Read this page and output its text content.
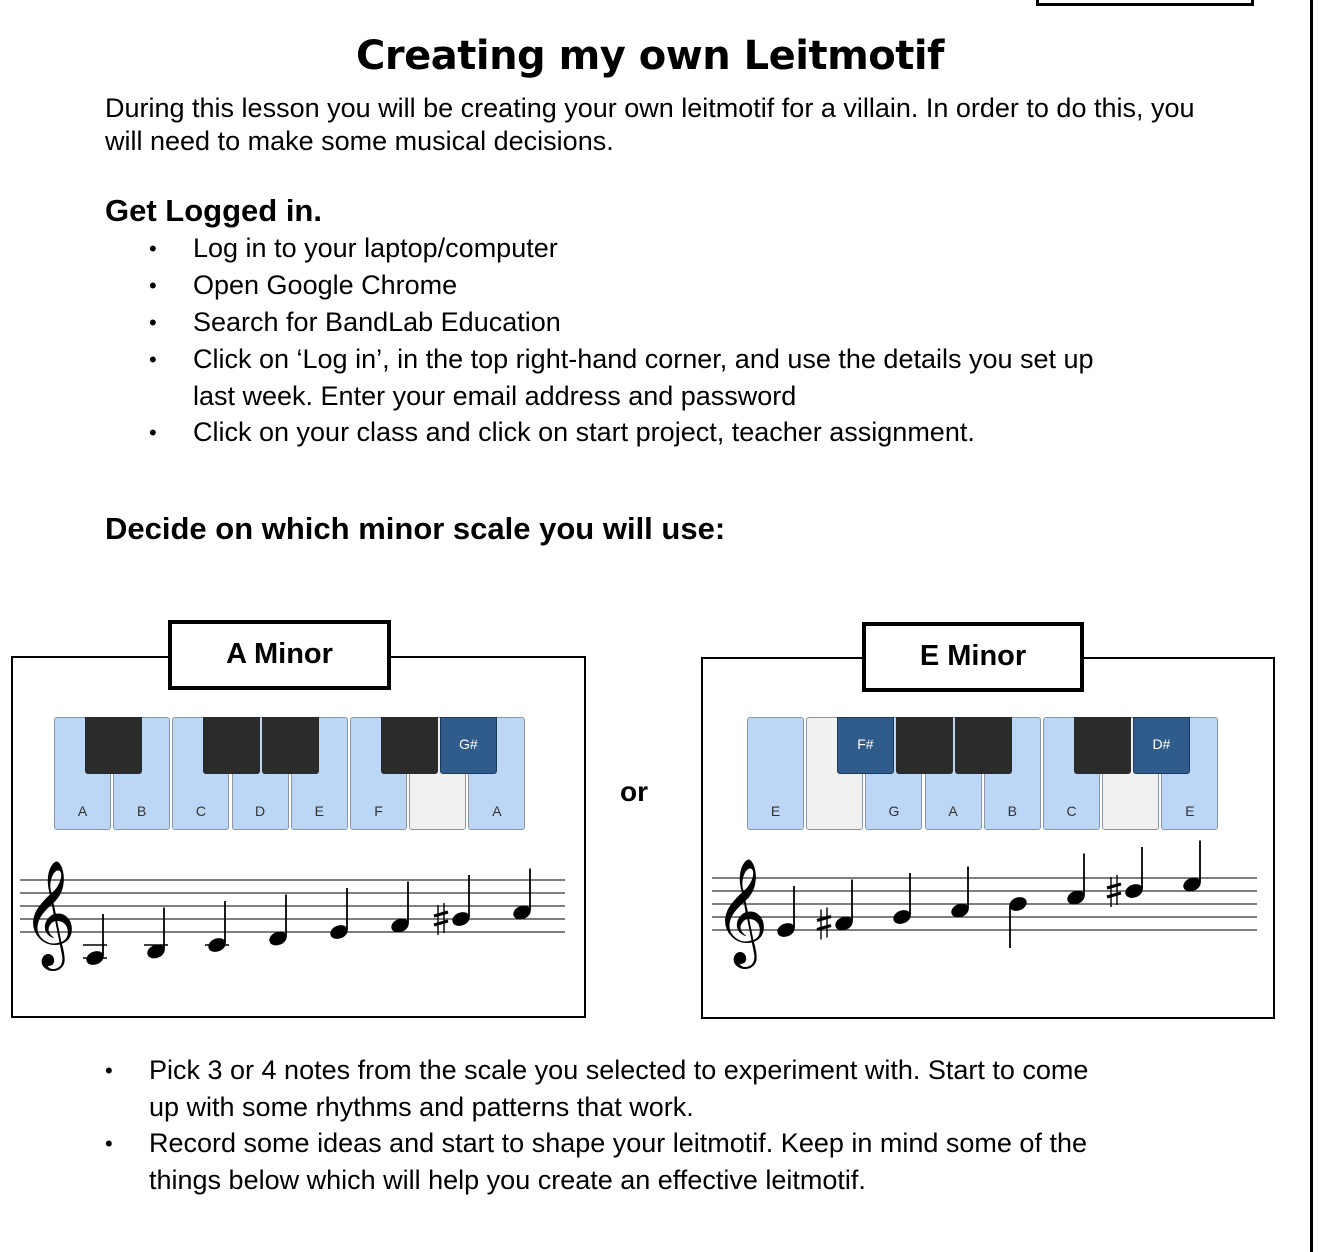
Creating my own Leitmotif

During this lesson you will be creating your own leitmotif for a villain. In order to do this, you will need to make some musical decisions.

Get Logged in.
• Log in to your laptop/computer
• Open Google Chrome
• Search for BandLab Education
• Click on ‘Log in’, in the top right-hand corner, and use the details you set up
last week. Enter your email address and password
• Click on your class and click on start project, teacher assignment.
Decide on which minor scale you will use:
A Minor
A	B	C	D	E	F	A
G#
𝄞
or
E Minor
E	G	A	B	C	E
F#	D#
𝄞
• Pick 3 or 4 notes from the scale you selected to experiment with. Start to come
up with some rhythms and patterns that work.
• Record some ideas and start to shape your leitmotif. Keep in mind some of the
things below which will help you create an effective leitmotif.
